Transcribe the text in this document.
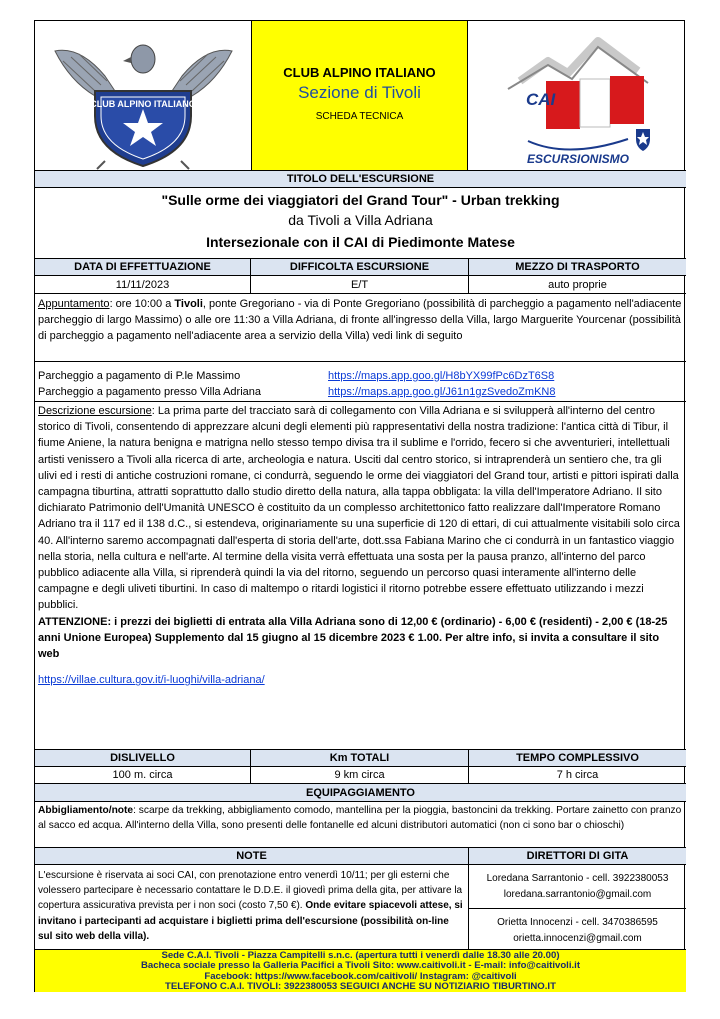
CLUB ALPINO ITALIANO
CLUB ALPINO ITALIANO
Sezione di Tivoli
SCHEDA TECNICA
CAI
ESCURSIONISMO
TITOLO DELL'ESCURSIONE
"Sulle orme dei viaggiatori del Grand Tour" - Urban trekking
da Tivoli a Villa Adriana
Intersezionale con il CAI di Piedimonte Matese
DATA DI EFFETTUAZIONE	DIFFICOLTA ESCURSIONE	MEZZO DI TRASPORTO
11/11/2023	E/T	auto proprie
Appuntamento: ore 10:00 a Tivoli, ponte Gregoriano - via di Ponte Gregoriano (possibilità di parcheggio a pagamento nell'adiacente parcheggio di largo Massimo) o alle ore 11:30 a Villa Adriana, di fronte all'ingresso della Villa, largo Marguerite Yourcenar (possibilità di parcheggio a pagamento nell'adiacente area a servizio della Villa) vedi link di seguito
Parcheggio a pagamento di P.le Massimo	https://maps.app.goo.gl/H8bYX99fPc6DzT6S8
Parcheggio a pagamento presso Villa Adriana	https://maps.app.goo.gl/J61n1gzSvedoZmKN8
Descrizione escursione: La prima parte del tracciato sarà di collegamento con Villa Adriana e si svilupperà all'interno del centro storico di Tivoli, consentendo di apprezzare alcuni degli elementi più rappresentativi della nostra tradizione: l'antica città di Tibur, il fiume Aniene, la natura benigna e matrigna nello stesso tempo divisa tra il sublime e l'orrido, fecero si che avventurieri, intellettuali artisti venissero a Tivoli alla ricerca di arte, archeologia e natura. Usciti dal centro storico, si intraprenderà un sentiero che, tra gli ulivi ed i resti di antiche costruzioni romane, ci condurrà, seguendo le orme dei viaggiatori del Grand tour, artisti e pittori ispirati dalla campagna tiburtina, attratti soprattutto dallo studio diretto della natura, alla tappa obbligata: la villa dell'Imperatore Adriano. Il sito dichiarato Patrimonio dell'Umanità UNESCO è costituito da un complesso architettonico fatto realizzare dall'Imperatore Romano Adriano tra il 117 ed il 138 d.C., si estendeva, originariamente su una superficie di 120 di ettari, di cui attualmente visitabili solo circa 40. All'interno saremo accompagnati dall'esperta di storia dell'arte, dott.ssa Fabiana Marino che ci condurrà in un fantastico viaggio nella storia, nella cultura e nell'arte. Al termine della visita verrà effettuata una sosta per la pausa pranzo, all'interno del parco pubblico adiacente alla Villa, si riprenderà quindi la via del ritorno, seguendo un percorso quasi interamente all'interno delle campagne e degli uliveti tiburtini. In caso di maltempo o ritardi logistici il ritorno potrebbe essere effettuato utilizzando i mezzi pubblici.
ATTENZIONE: i prezzi dei biglietti di entrata alla Villa Adriana sono di 12,00 € (ordinario) - 6,00 € (residenti) - 2,00 € (18-25 anni Unione Europea) Supplemento dal 15 giugno al 15 dicembre 2023 € 1.00. Per altre info, si invita a consultare il sito web
https://villae.cultura.gov.it/i-luoghi/villa-adriana/
DISLIVELLO	Km TOTALI	TEMPO COMPLESSIVO
100 m. circa	9 km circa	7 h circa
EQUIPAGGIAMENTO
Abbigliamento/note: scarpe da trekking, abbigliamento comodo, mantellina per la pioggia, bastoncini da trekking. Portare zainetto con pranzo al sacco ed acqua. All'interno della Villa, sono presenti delle fontanelle ed alcuni distributori automatici (non ci sono bar o chioschi)
NOTE	DIRETTORI DI GITA
L'escursione è riservata ai soci CAI, con prenotazione entro venerdì 10/11; per gli esterni che volessero partecipare è necessario contattare le D.D.E. il giovedì prima della gita, per attivare la copertura assicurativa prevista per i non soci (costo 7,50 €). Onde evitare spiacevoli attese, si invitano i partecipanti ad acquistare i biglietti prima dell'escursione (possibilità on-line sul sito web della villa).
Loredana Sarrantonio - cell. 3922380053
loredana.sarrantonio@gmail.com
Orietta Innocenzi - cell. 3470386595
orietta.innocenzi@gmail.com
Sede C.A.I. Tivoli - Piazza Campitelli s.n.c. (apertura tutti i venerdì dalle 18.30 alle 20.00)
Bacheca sociale presso la Galleria Pacifici a Tivoli Sito: www.caitivoli.it - E-mail: info@caitivoli.it
Facebook: https://www.facebook.com/caitivoli/ Instagram: @caitivoli
TELEFONO C.A.I. TIVOLI: 3922380053 SEGUICI ANCHE SU NOTIZIARIO TIBURTINO.IT
